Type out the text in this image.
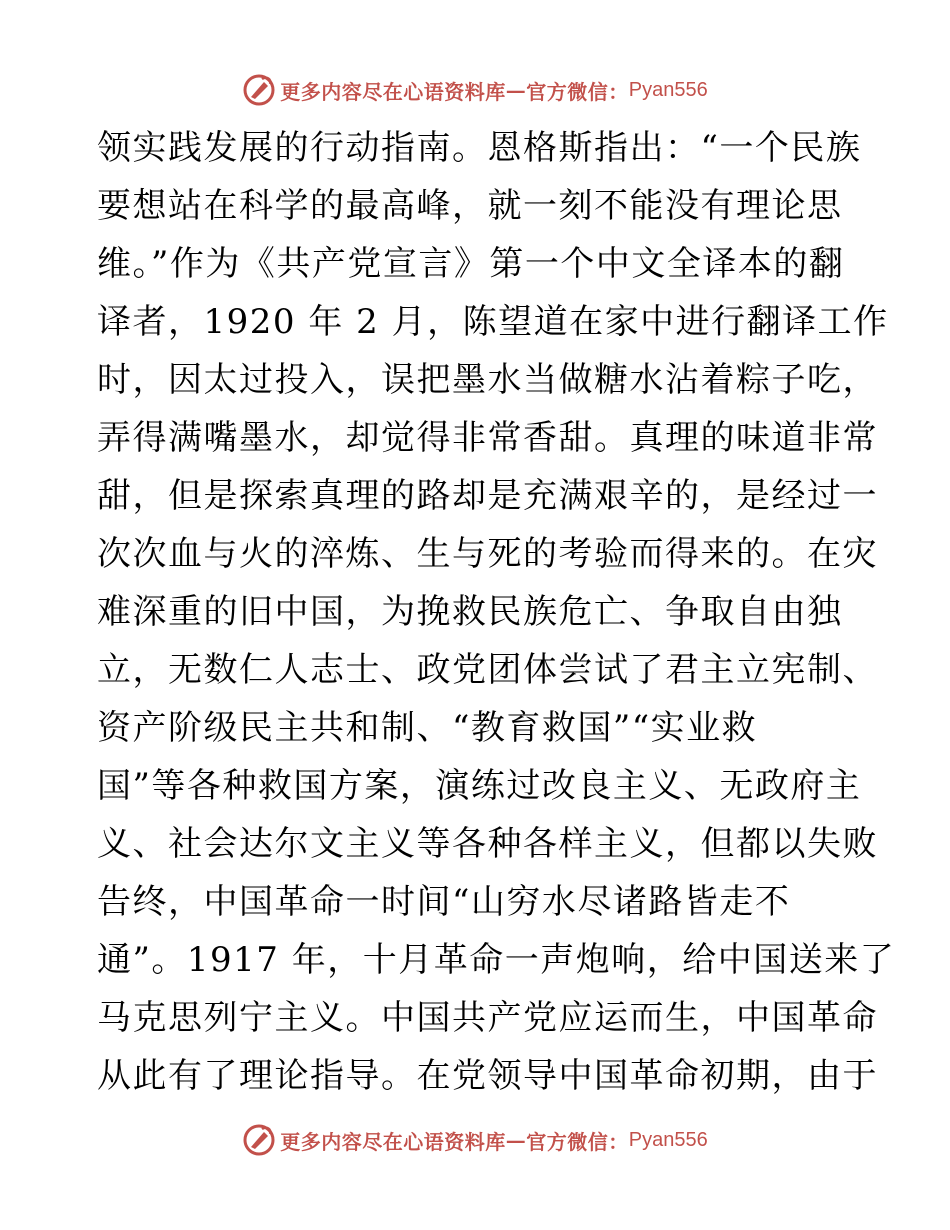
更多内容尽在心语资料库 — 官方微信： Pyan556
领实践发展的行动指南。恩格斯指出：“一个民族
要想站在科学的最高峰，就一刻不能没有理论思
维。”作为《共产党宣言》第一个中文全译本的翻
译者，1920 年 2 月，陈望道在家中进行翻译工作
时，因太过投入，误把墨水当做糖水沾着粽子吃，
弄得满嘴墨水，却觉得非常香甜。真理的味道非常
甜，但是探索真理的路却是充满艰辛的，是经过一
次次血与火的淬炼、生与死的考验而得来的。在灾
难深重的旧中国，为挽救民族危亡、争取自由独
立，无数仁人志士、政党团体尝试了君主立宪制、
资产阶级民主共和制、“教育救国”“实业救
国”等各种救国方案，演练过改良主义、无政府主
义、社会达尔文主义等各种各样主义，但都以失败
告终，中国革命一时间“山穷水尽诸路皆走不
通”。1917 年，十月革命一声炮响，给中国送来了
马克思列宁主义。中国共产党应运而生，中国革命
从此有了理论指导。在党领导中国革命初期，由于
更多内容尽在心语资料库 — 官方微信： Pyan556
